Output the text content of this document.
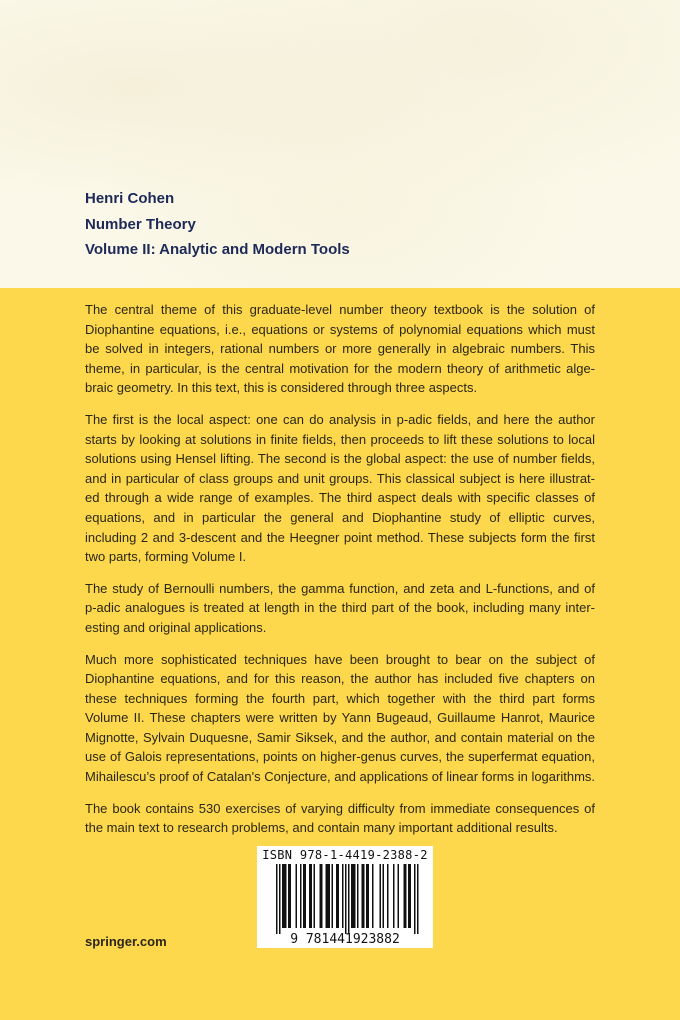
Henri Cohen
Number Theory
Volume II: Analytic and Modern Tools
The central theme of this graduate-level number theory textbook is the solution of
Diophantine equations, i.e., equations or systems of polynomial equations which must
be solved in integers, rational numbers or more generally in algebraic numbers. This
theme, in particular, is the central motivation for the modern theory of arithmetic alge-
braic geometry. In this text, this is considered through three aspects.
The first is the local aspect: one can do analysis in p-adic fields, and here the author
starts by looking at solutions in finite fields, then proceeds to lift these solutions to local
solutions using Hensel lifting. The second is the global aspect: the use of number fields,
and in particular of class groups and unit groups. This classical subject is here illustrat-
ed through a wide range of examples. The third aspect deals with specific classes of
equations, and in particular the general and Diophantine study of elliptic curves,
including 2 and 3-descent and the Heegner point method. These subjects form the first
two parts, forming Volume I.
The study of Bernoulli numbers, the gamma function, and zeta and L-functions, and of
p-adic analogues is treated at length in the third part of the book, including many inter-
esting and original applications.
Much more sophisticated techniques have been brought to bear on the subject of
Diophantine equations, and for this reason, the author has included five chapters on
these techniques forming the fourth part, which together with the third part forms
Volume II. These chapters were written by Yann Bugeaud, Guillaume Hanrot, Maurice
Mignotte, Sylvain Duquesne, Samir Siksek, and the author, and contain material on the
use of Galois representations, points on higher-genus curves, the superfermat equation,
Mihailescu’s proof of Catalan's Conjecture, and applications of linear forms in logarithms.
The book contains 530 exercises of varying difficulty from immediate consequences of
the main text to research problems, and contain many important additional results.
springer.com	9 781441923882
ISBN 978-1-4419-2388-2
